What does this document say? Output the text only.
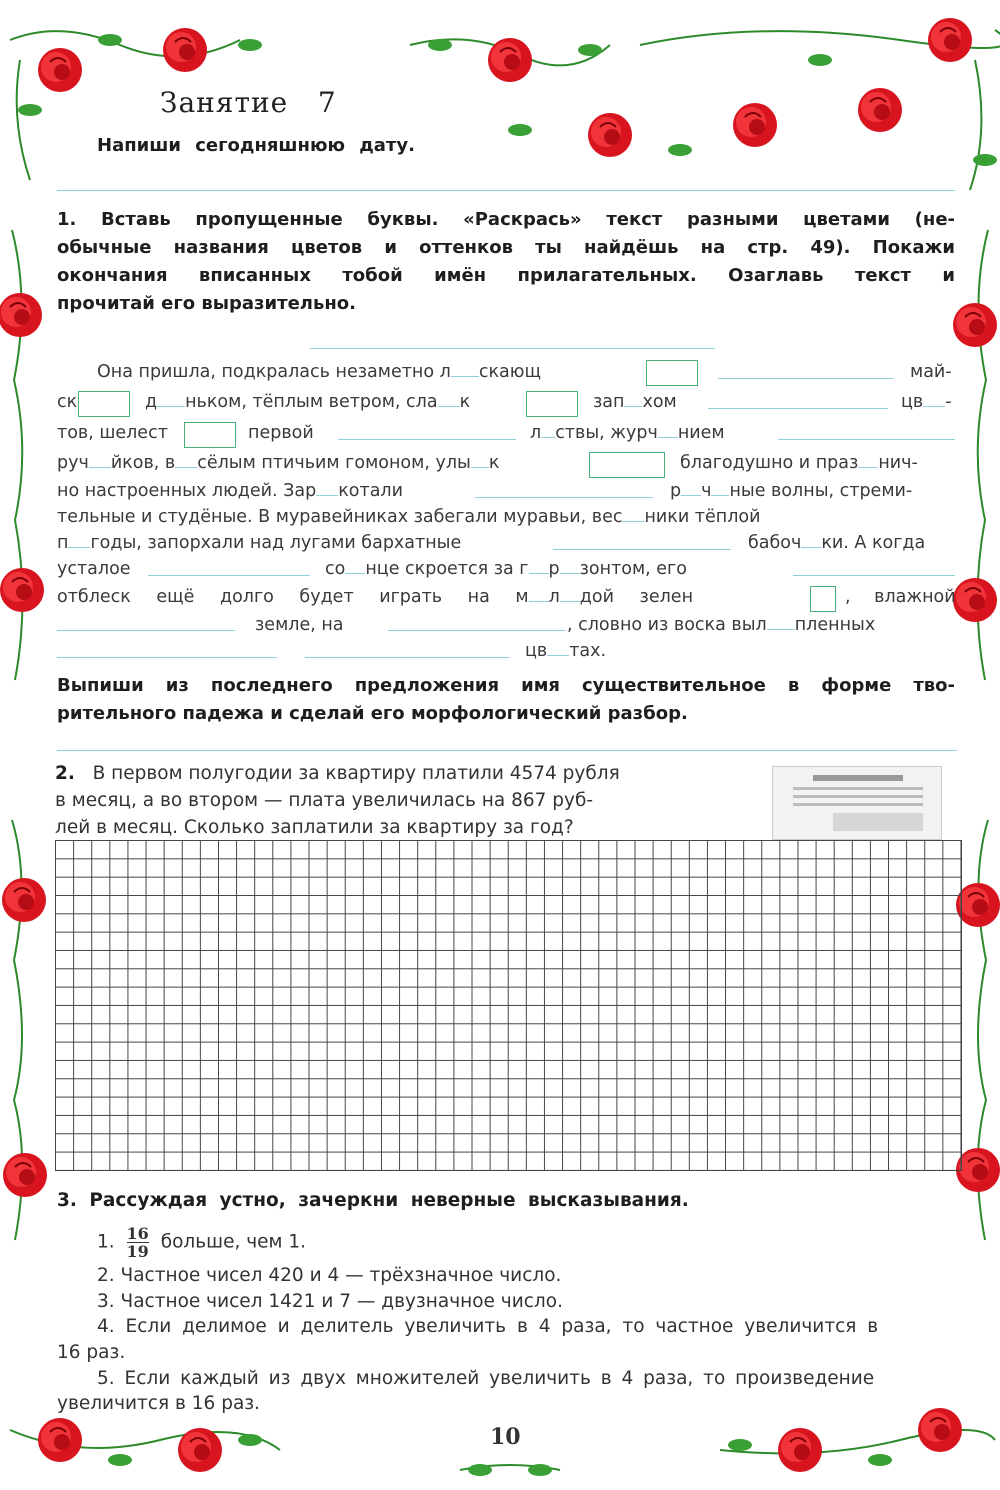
Занятие 7
Напиши сегодняшнюю дату.
1. Вставь пропущенные буквы. «Раскрась» текст разными цветами (не-
обычные названия цветов и оттенков ты найдёшь на стр. 49). Покажи
окончания вписанных тобой имён прилагательных. Озаглавь текст и
прочитай его выразительно.
Она пришла, подкралась незаметно л скающ	май-
ск	д ньком, тёплым ветром, сла к	зап хом	цв -
тов, шелест	первой	л ствы, журч нием
руч йков, в сёлым птичьим гомоном, улы к	благодушно и праз нич-
но настроенных людей. Зар котали	р ч ные волны, стреми-
тельные и студёные. В муравейниках забегали муравьи, вес ники тёплой
п годы, запорхали над лугами бархатные	бабоч ки. А когда
усталое	со нце скроется за г р зонтом, его
отблеск ещё долго будет играть на м л дой зелен	, влажной
земле, на	, словно из воска выл пленных
цв тах.
Выпиши из последнего предложения имя существительное в форме тво-
рительного падежа и сделай его морфологический разбор.
2. В первом полугодии за квартиру платили 4574 рубля
в месяц, а во втором — плата увеличилась на 867 руб-
лей в месяц. Сколько заплатили за квартиру за год?
3. Рассуждая устно, зачеркни неверные высказывания.
1. $\frac{16}{19}$ больше, чем 1.
2. Частное чисел 420 и 4 — трёхзначное число.
3. Частное чисел 1421 и 7 — двузначное число.
4. Если делимое и делитель увеличить в 4 раза, то частное увеличится в
16 раз.
5. Если каждый из двух множителей увеличить в 4 раза, то произведение
увеличится в 16 раз.
10
